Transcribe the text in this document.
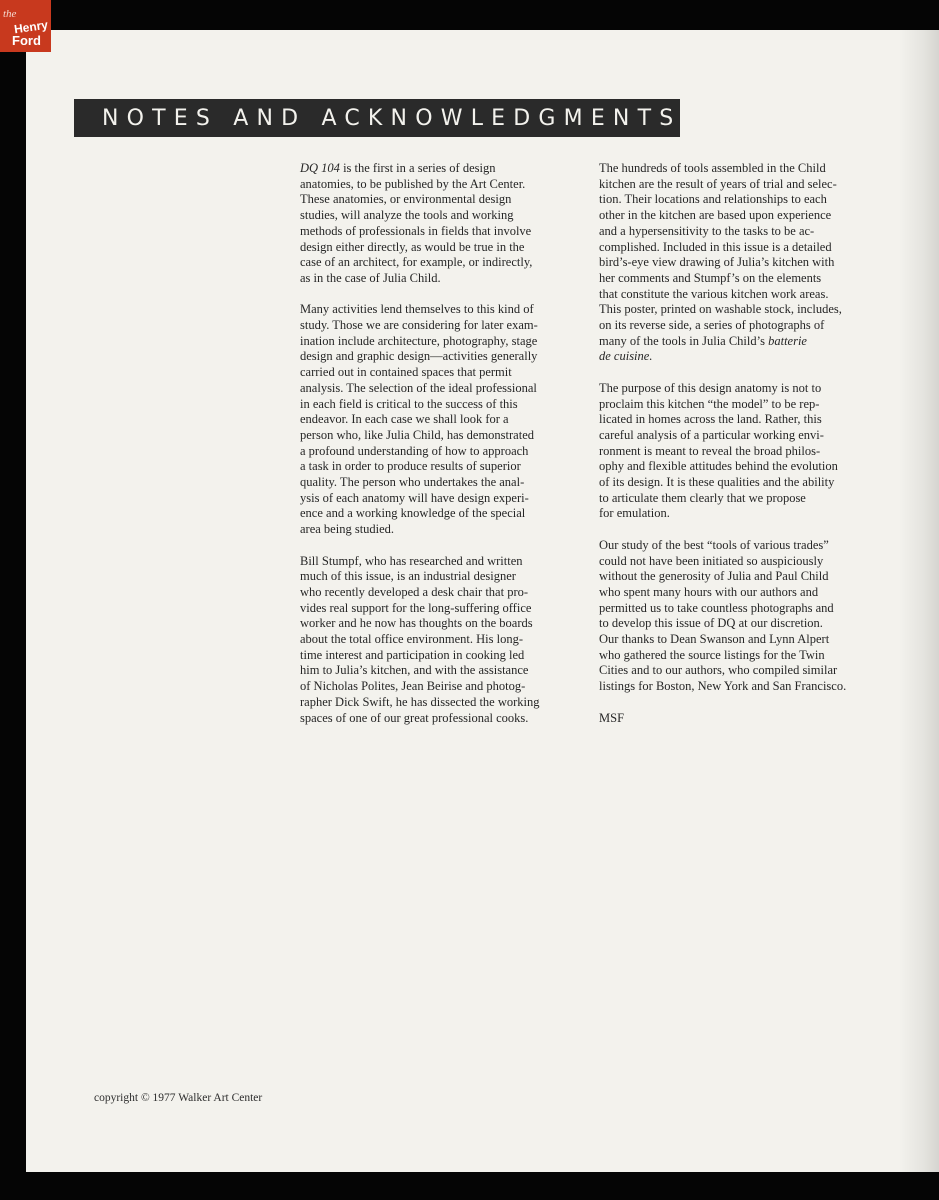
NOTES AND ACKNOWLEDGMENTS

DQ 104 is the first in a series of design
anatomies, to be published by the Art Center.
These anatomies, or environmental design
studies, will analyze the tools and working
methods of professionals in fields that involve
design either directly, as would be true in the
case of an architect, for example, or indirectly,
as in the case of Julia Child.

Many activities lend themselves to this kind of
study. Those we are considering for later exam-
ination include architecture, photography, stage
design and graphic design—activities generally
carried out in contained spaces that permit
analysis. The selection of the ideal professional
in each field is critical to the success of this
endeavor. In each case we shall look for a
person who, like Julia Child, has demonstrated
a profound understanding of how to approach
a task in order to produce results of superior
quality. The person who undertakes the anal-
ysis of each anatomy will have design experi-
ence and a working knowledge of the special
area being studied.

Bill Stumpf, who has researched and written
much of this issue, is an industrial designer
who recently developed a desk chair that pro-
vides real support for the long-suffering office
worker and he now has thoughts on the boards
about the total office environment. His long-
time interest and participation in cooking led
him to Julia’s kitchen, and with the assistance
of Nicholas Polites, Jean Beirise and photog-
rapher Dick Swift, he has dissected the working
spaces of one of our great professional cooks.

The hundreds of tools assembled in the Child
kitchen are the result of years of trial and selec-
tion. Their locations and relationships to each
other in the kitchen are based upon experience
and a hypersensitivity to the tasks to be ac-
complished. Included in this issue is a detailed
bird’s-eye view drawing of Julia’s kitchen with
her comments and Stumpf’s on the elements
that constitute the various kitchen work areas.
This poster, printed on washable stock, includes,
on its reverse side, a series of photographs of
many of the tools in Julia Child’s batterie
de cuisine.

The purpose of this design anatomy is not to
proclaim this kitchen “the model” to be rep-
licated in homes across the land. Rather, this
careful analysis of a particular working envi-
ronment is meant to reveal the broad philos-
ophy and flexible attitudes behind the evolution
of its design. It is these qualities and the ability
to articulate them clearly that we propose
for emulation.

Our study of the best “tools of various trades”
could not have been initiated so auspiciously
without the generosity of Julia and Paul Child
who spent many hours with our authors and
permitted us to take countless photographs and
to develop this issue of DQ at our discretion.
Our thanks to Dean Swanson and Lynn Alpert
who gathered the source listings for the Twin
Cities and to our authors, who compiled similar
listings for Boston, New York and San Francisco.

MSF

copyright © 1977 Walker Art Center
the
Henry
Ford
